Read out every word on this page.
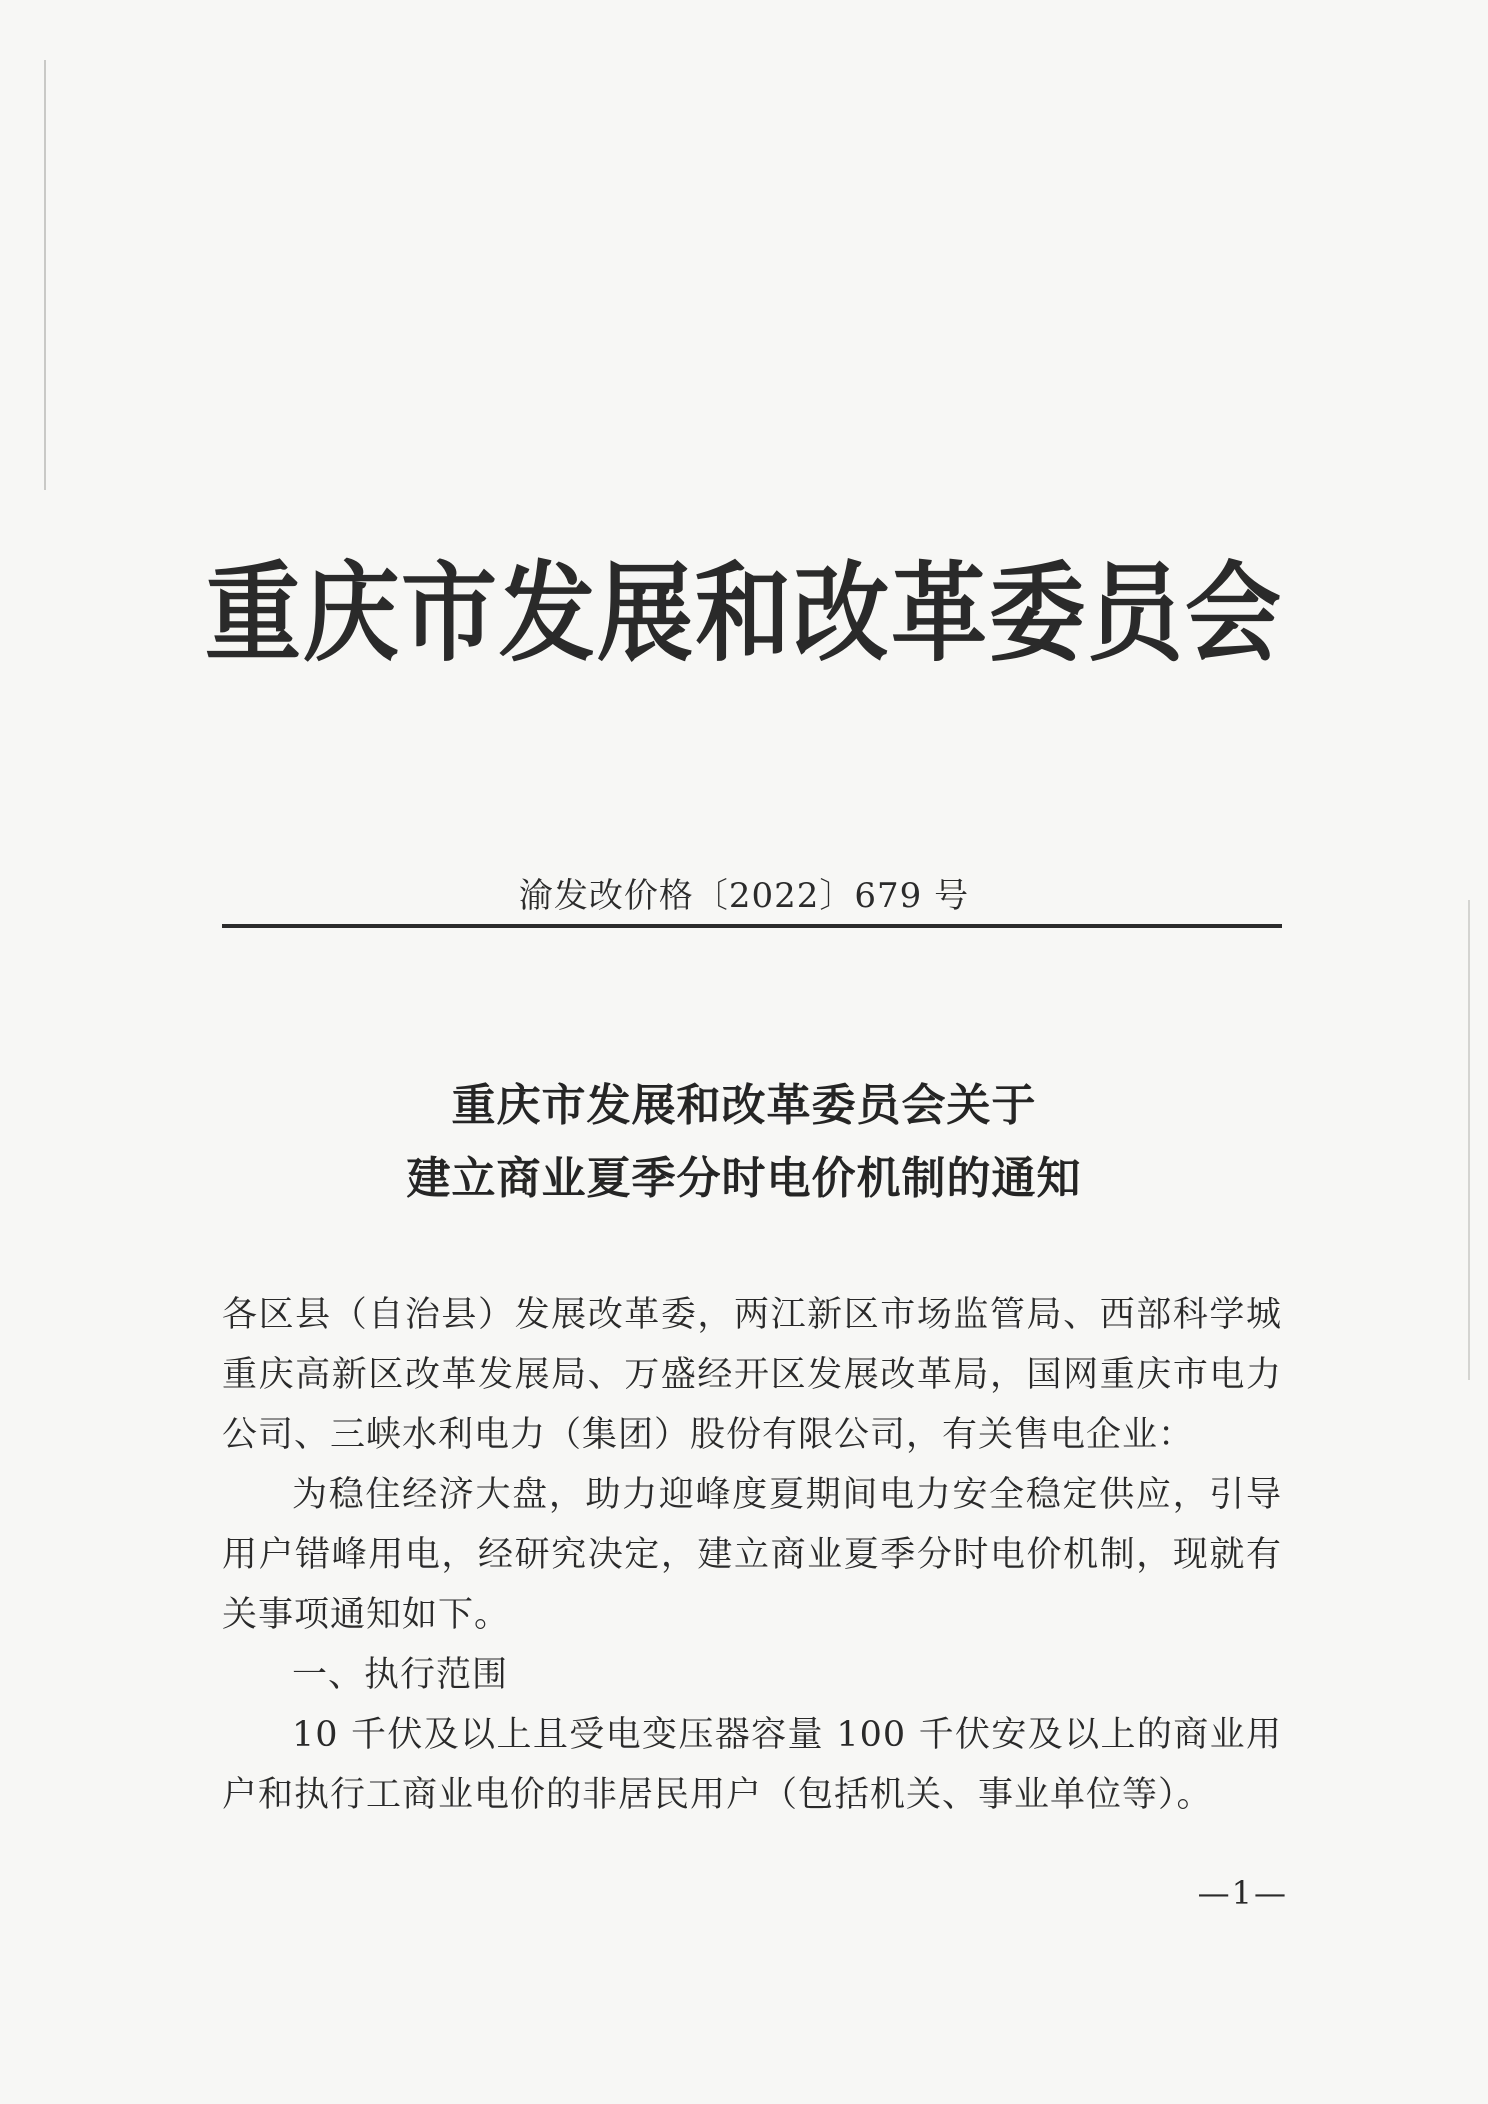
重庆市发展和改革委员会
渝发改价格〔2022〕679 号
重庆市发展和改革委员会关于
建立商业夏季分时电价机制的通知

各区县（自治县）发展改革委，两江新区市场监管局、西部科学城重庆高新区改革发展局、万盛经开区发展改革局，国网重庆市电力公司、三峡水利电力（集团）股份有限公司，有关售电企业：

为稳住经济大盘，助力迎峰度夏期间电力安全稳定供应，引导用户错峰用电，经研究决定，建立商业夏季分时电价机制，现就有关事项通知如下。

一、执行范围

10 千伏及以上且受电变压器容量 100 千伏安及以上的商业用户和执行工商业电价的非居民用户（包括机关、事业单位等）。

—1—
